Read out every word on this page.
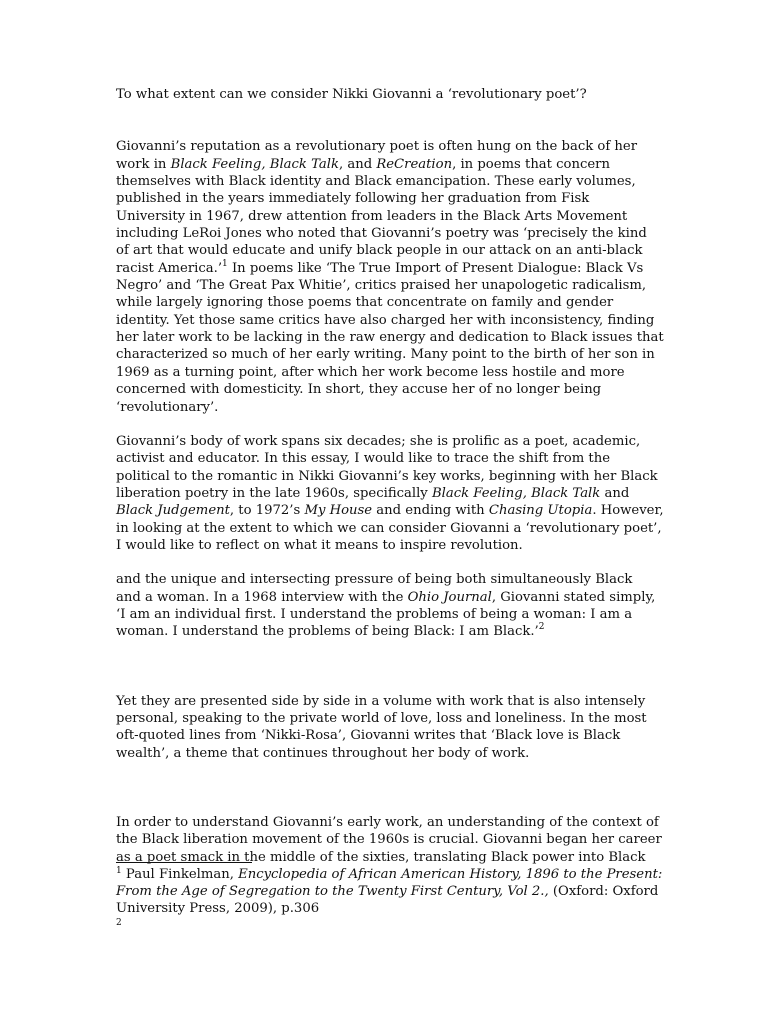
To what extent can we consider Nikki Giovanni a ‘revolutionary poet’?

Giovanni’s reputation as a revolutionary poet is often hung on the back of her

work in Black Feeling, Black Talk, and ReCreation, in poems that concern

themselves with Black identity and Black emancipation. These early volumes,

published in the years immediately following her graduation from Fisk

University in 1967, drew attention from leaders in the Black Arts Movement

including LeRoi Jones who noted that Giovanni’s poetry was ‘precisely the kind

of art that would educate and unify black people in our attack on an anti-black

racist America.’$^1$ In poems like ‘The True Import of Present Dialogue: Black Vs

Negro’ and ‘The Great Pax Whitie’, critics praised her unapologetic radicalism,

while largely ignoring those poems that concentrate on family and gender

identity. Yet those same critics have also charged her with inconsistency, finding

her later work to be lacking in the raw energy and dedication to Black issues that

characterized so much of her early writing. Many point to the birth of her son in

1969 as a turning point, after which her work become less hostile and more

concerned with domesticity. In short, they accuse her of no longer being

‘revolutionary’.

Giovanni’s body of work spans six decades; she is prolific as a poet, academic,

activist and educator. In this essay, I would like to trace the shift from the

political to the romantic in Nikki Giovanni’s key works, beginning with her Black

liberation poetry in the late 1960s, specifically Black Feeling, Black Talk and

Black Judgement, to 1972’s My House and ending with Chasing Utopia. However,

in looking at the extent to which we can consider Giovanni a ‘revolutionary poet’,

I would like to reflect on what it means to inspire revolution.

and the unique and intersecting pressure of being both simultaneously Black

and a woman. In a 1968 interview with the Ohio Journal, Giovanni stated simply,

‘I am an individual first. I understand the problems of being a woman: I am a

woman. I understand the problems of being Black: I am Black.’$^2$

Yet they are presented side by side in a volume with work that is also intensely

personal, speaking to the private world of love, loss and loneliness. In the most

oft-quoted lines from ‘Nikki-Rosa’, Giovanni writes that ‘Black love is Black

wealth’, a theme that continues throughout her body of work.

In order to understand Giovanni’s early work, an understanding of the context of

the Black liberation movement of the 1960s is crucial. Giovanni began her career

as a poet smack in the middle of the sixties, translating Black power into Black

$^1$ Paul Finkelman, Encyclopedia of African American History, 1896 to the Present:
From the Age of Segregation to the Twenty First Century, Vol 2., (Oxford: Oxford
University Press, 2009), p.306

2
